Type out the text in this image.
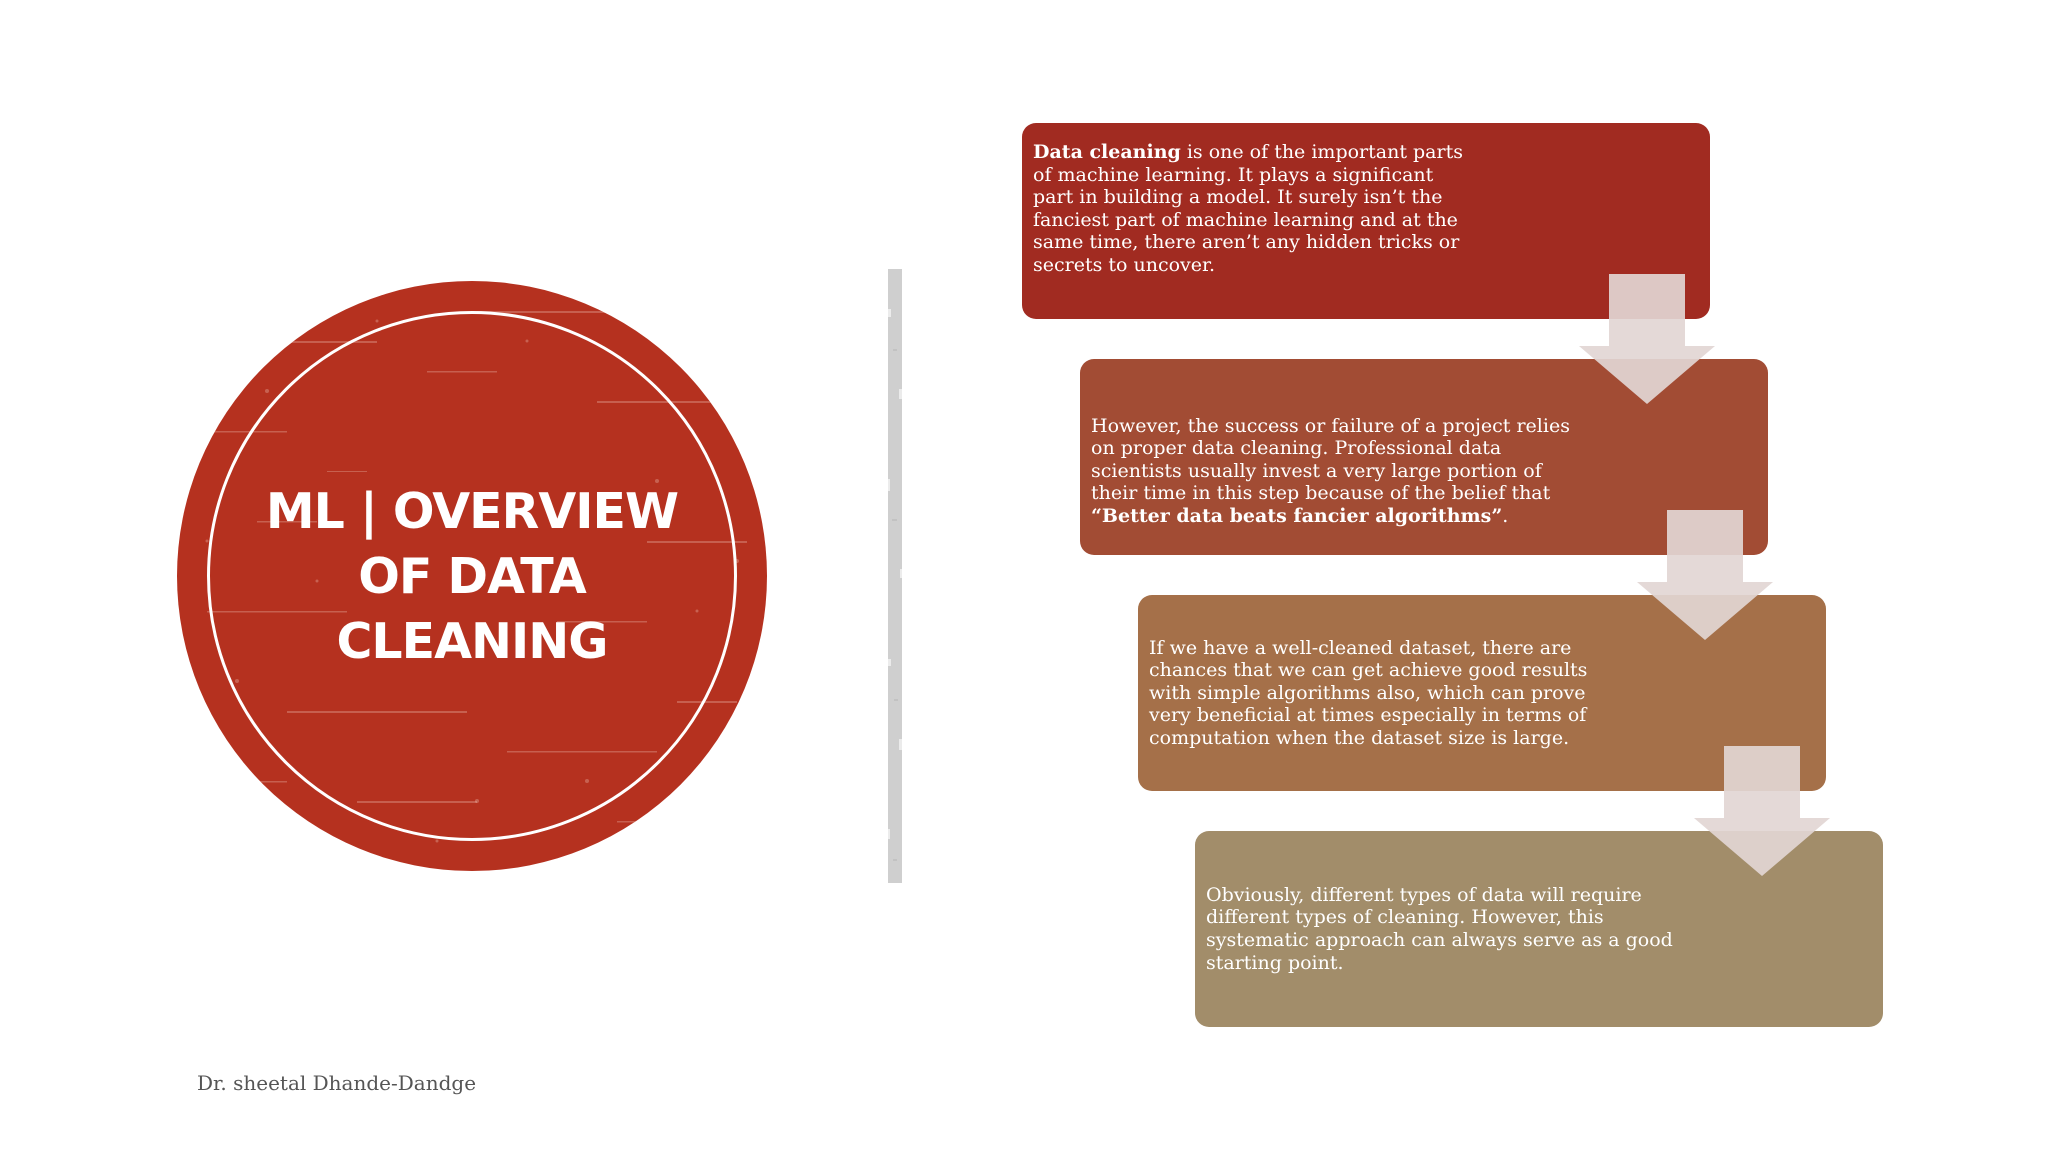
ML | OVERVIEW
OF DATA
CLEANING
Data cleaning is one of the important parts of machine learning. It plays a significant part in building a model. It surely isn’t the fanciest part of machine learning and at the same time, there aren’t any hidden tricks or secrets to uncover.
However, the success or failure of a project relies on proper data cleaning. Professional data scientists usually invest a very large portion of their time in this step because of the belief that “Better data beats fancier algorithms”.
If we have a well-cleaned dataset, there are chances that we can get achieve good results with simple algorithms also, which can prove very beneficial at times especially in terms of computation when the dataset size is large.
Obviously, different types of data will require different types of cleaning. However, this systematic approach can always serve as a good starting point.
Dr. sheetal Dhande-Dandge
